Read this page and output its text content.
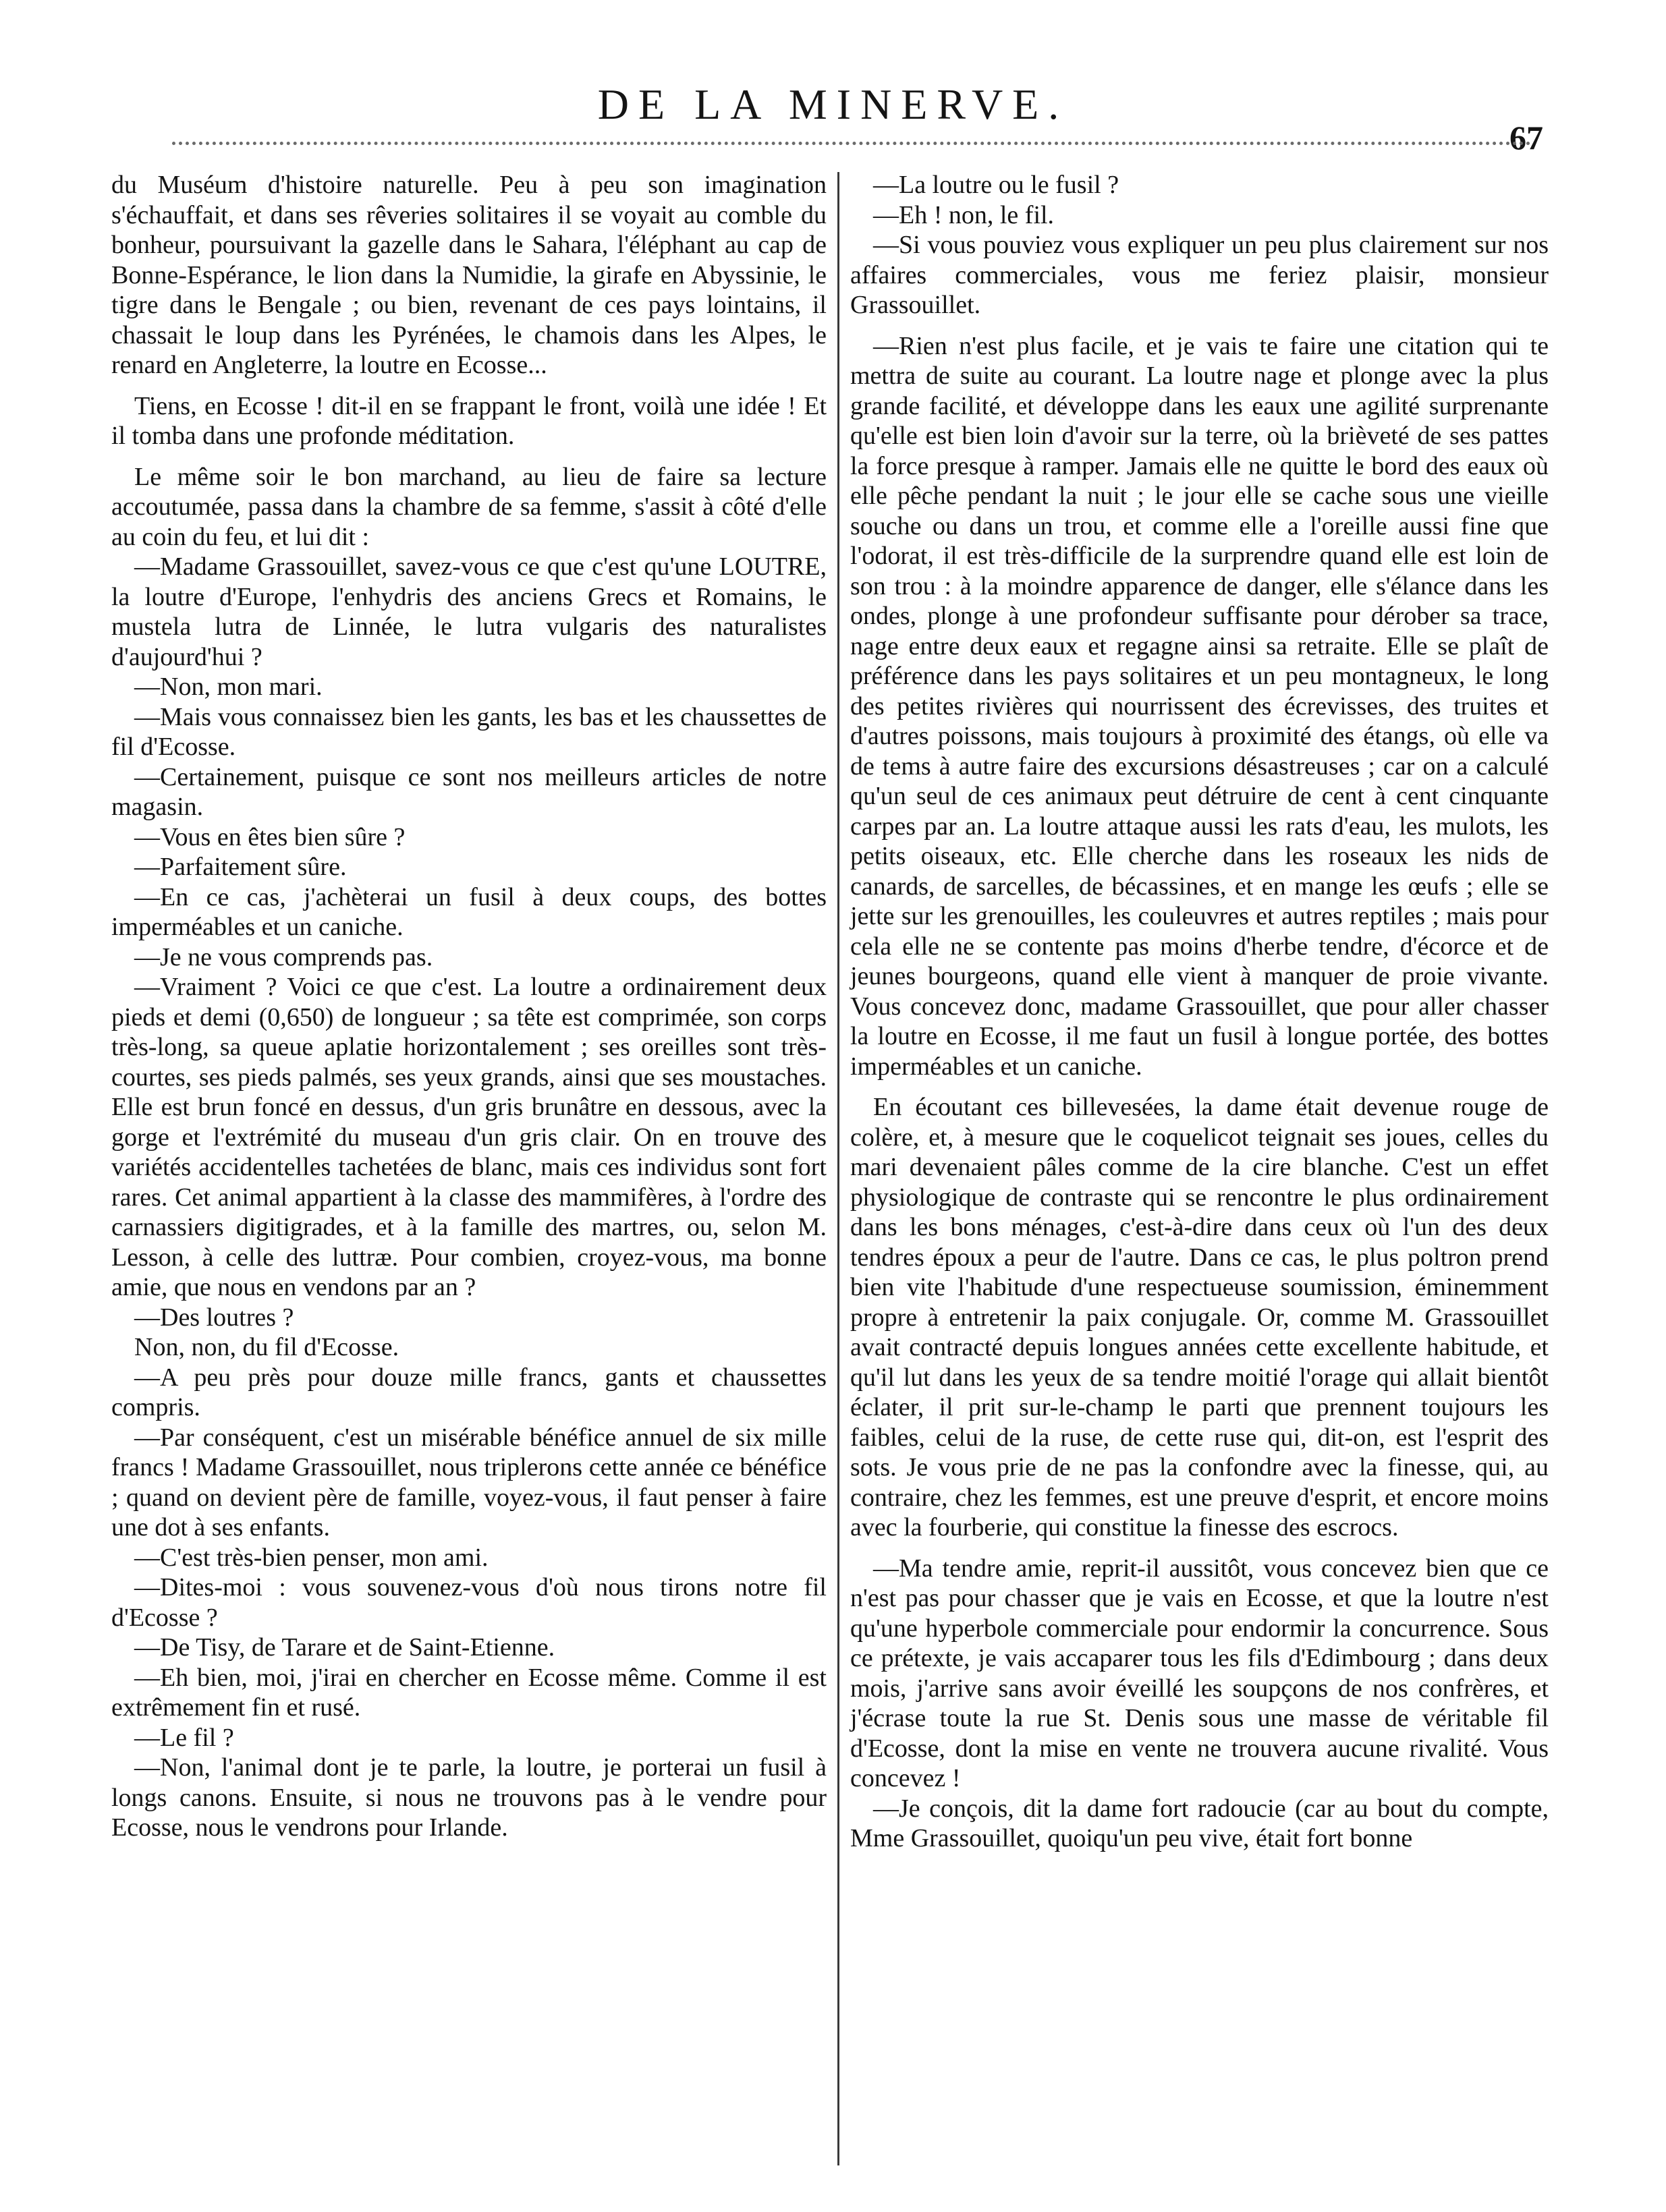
DE LA MINERVE.
67

du Muséum d'histoire naturelle. Peu à peu son imagination s'échauffait, et dans ses rêveries solitaires il se voyait au comble du bonheur, poursuivant la gazelle dans le Sahara, l'éléphant au cap de Bonne-Espérance, le lion dans la Numidie, la girafe en Abyssinie, le tigre dans le Bengale ; ou bien, revenant de ces pays lointains, il chassait le loup dans les Pyrénées, le chamois dans les Alpes, le renard en Angleterre, la loutre en Ecosse...

Tiens, en Ecosse ! dit-il en se frappant le front, voilà une idée ! Et il tomba dans une profonde méditation.

Le même soir le bon marchand, au lieu de faire sa lecture accoutumée, passa dans la chambre de sa femme, s'assit à côté d'elle au coin du feu, et lui dit :

—Madame Grassouillet, savez-vous ce que c'est qu'une LOUTRE, la loutre d'Europe, l'enhydris des anciens Grecs et Romains, le mustela lutra de Linnée, le lutra vulgaris des naturalistes d'aujourd'hui ?

—Non, mon mari.

—Mais vous connaissez bien les gants, les bas et les chaussettes de fil d'Ecosse.

—Certainement, puisque ce sont nos meilleurs articles de notre magasin.

—Vous en êtes bien sûre ?

—Parfaitement sûre.

—En ce cas, j'achèterai un fusil à deux coups, des bottes imperméables et un caniche.

—Je ne vous comprends pas.

—Vraiment ? Voici ce que c'est. La loutre a ordinairement deux pieds et demi (0,650) de longueur ; sa tête est comprimée, son corps très-long, sa queue aplatie horizontalement ; ses oreilles sont très-courtes, ses pieds palmés, ses yeux grands, ainsi que ses moustaches. Elle est brun foncé en dessus, d'un gris brunâtre en dessous, avec la gorge et l'extrémité du museau d'un gris clair. On en trouve des variétés accidentelles tachetées de blanc, mais ces individus sont fort rares. Cet animal appartient à la classe des mammifères, à l'ordre des carnassiers digitigrades, et à la famille des martres, ou, selon M. Lesson, à celle des luttræ. Pour combien, croyez-vous, ma bonne amie, que nous en vendons par an ?

—Des loutres ?

Non, non, du fil d'Ecosse.

—A peu près pour douze mille francs, gants et chaussettes compris.

—Par conséquent, c'est un misérable bénéfice annuel de six mille francs ! Madame Grassouillet, nous triplerons cette année ce bénéfice ; quand on devient père de famille, voyez-vous, il faut penser à faire une dot à ses enfants.

—C'est très-bien penser, mon ami.

—Dites-moi : vous souvenez-vous d'où nous tirons notre fil d'Ecosse ?

—De Tisy, de Tarare et de Saint-Etienne.

—Eh bien, moi, j'irai en chercher en Ecosse même. Comme il est extrêmement fin et rusé.

—Le fil ?

—Non, l'animal dont je te parle, la loutre, je porterai un fusil à longs canons. Ensuite, si nous ne trouvons pas à le vendre pour Ecosse, nous le vendrons pour Irlande.

—La loutre ou le fusil ?

—Eh ! non, le fil.

—Si vous pouviez vous expliquer un peu plus clairement sur nos affaires commerciales, vous me feriez plaisir, monsieur Grassouillet.

—Rien n'est plus facile, et je vais te faire une citation qui te mettra de suite au courant. La loutre nage et plonge avec la plus grande facilité, et développe dans les eaux une agilité surprenante qu'elle est bien loin d'avoir sur la terre, où la brièveté de ses pattes la force presque à ramper. Jamais elle ne quitte le bord des eaux où elle pêche pendant la nuit ; le jour elle se cache sous une vieille souche ou dans un trou, et comme elle a l'oreille aussi fine que l'odorat, il est très-difficile de la surprendre quand elle est loin de son trou : à la moindre apparence de danger, elle s'élance dans les ondes, plonge à une profondeur suffisante pour dérober sa trace, nage entre deux eaux et regagne ainsi sa retraite. Elle se plaît de préférence dans les pays solitaires et un peu montagneux, le long des petites rivières qui nourrissent des écrevisses, des truites et d'autres poissons, mais toujours à proximité des étangs, où elle va de tems à autre faire des excursions désastreuses ; car on a calculé qu'un seul de ces animaux peut détruire de cent à cent cinquante carpes par an. La loutre attaque aussi les rats d'eau, les mulots, les petits oiseaux, etc. Elle cherche dans les roseaux les nids de canards, de sarcelles, de bécassines, et en mange les œufs ; elle se jette sur les grenouilles, les couleuvres et autres reptiles ; mais pour cela elle ne se contente pas moins d'herbe tendre, d'écorce et de jeunes bourgeons, quand elle vient à manquer de proie vivante. Vous concevez donc, madame Grassouillet, que pour aller chasser la loutre en Ecosse, il me faut un fusil à longue portée, des bottes imperméables et un caniche.

En écoutant ces billevesées, la dame était devenue rouge de colère, et, à mesure que le coquelicot teignait ses joues, celles du mari devenaient pâles comme de la cire blanche. C'est un effet physiologique de contraste qui se rencontre le plus ordinairement dans les bons ménages, c'est-à-dire dans ceux où l'un des deux tendres époux a peur de l'autre. Dans ce cas, le plus poltron prend bien vite l'habitude d'une respectueuse soumission, éminemment propre à entretenir la paix conjugale. Or, comme M. Grassouillet avait contracté depuis longues années cette excellente habitude, et qu'il lut dans les yeux de sa tendre moitié l'orage qui allait bientôt éclater, il prit sur-le-champ le parti que prennent toujours les faibles, celui de la ruse, de cette ruse qui, dit-on, est l'esprit des sots. Je vous prie de ne pas la confondre avec la finesse, qui, au contraire, chez les femmes, est une preuve d'esprit, et encore moins avec la fourberie, qui constitue la finesse des escrocs.

—Ma tendre amie, reprit-il aussitôt, vous concevez bien que ce n'est pas pour chasser que je vais en Ecosse, et que la loutre n'est qu'une hyperbole commerciale pour endormir la concurrence. Sous ce prétexte, je vais accaparer tous les fils d'Edimbourg ; dans deux mois, j'arrive sans avoir éveillé les soupçons de nos confrères, et j'écrase toute la rue St. Denis sous une masse de véritable fil d'Ecosse, dont la mise en vente ne trouvera aucune rivalité. Vous concevez !

—Je conçois, dit la dame fort radoucie (car au bout du compte, Mme Grassouillet, quoiqu'un peu vive, était fort bonne
